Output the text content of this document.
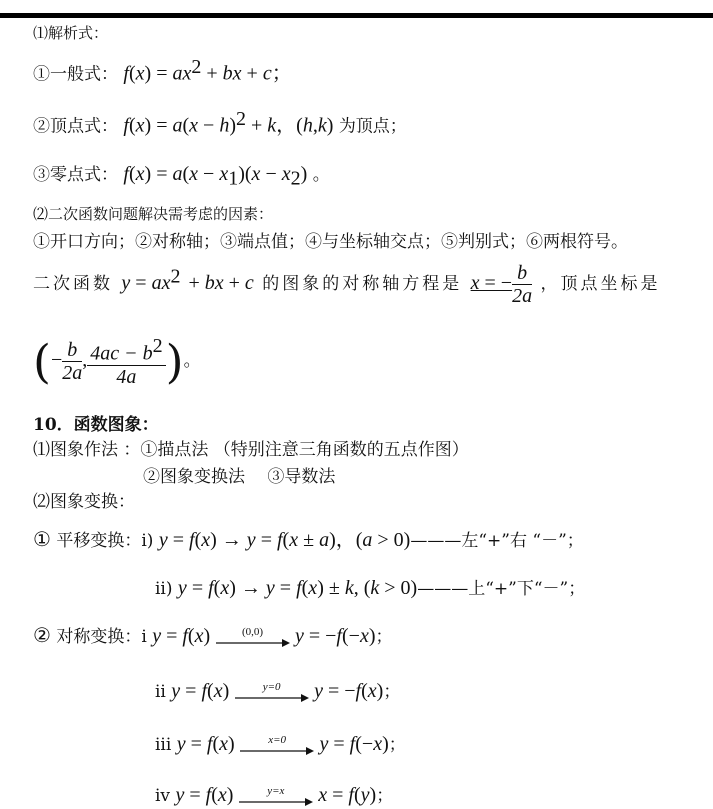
⑴解析式：
①一般式： $f(x) = ax^2$ + bx + c；
②顶点式： $f(x) = a(x - h)^2 + k$，(h,k) 为顶点；
③零点式： $f(x) = a(x - x_1)(x - x_2)$ 。
⑵二次函数问题解决需考虑的因素：
①开口方向；②对称轴；③端点值；④与坐标轴交点；⑤判别式；⑥两根符号。
二次函数 $y = ax^2$ + bx + c 的图象的对称轴方程是 x = − $\frac{b}{2a}$ ，顶点坐标是
(− $\frac{b}{2a}$ , $\frac{4ac - b^2}{4a}$ )。
10．函数图象：
⑴图象作法 ：①描点法 （特别注意三角函数的五点作图）
②图象变换法　 ③导数法
⑵图象变换：
① 平移变换：i) y = f(x) → y = f(x ± a)，(a > 0)———左“+”右 “－”；
ii) y = f(x) → y = f(x) ± k, (k > 0)———上“+”下“－”；
② 对称变换：i y = f(x)	(0,0)	y = −f(−x)；
ii y = f(x)	y=0	y = −f(x)；
iii y = f(x)	x=0	y = f(−x)；
iv y = f(x)	y=x	x = f(y)；
